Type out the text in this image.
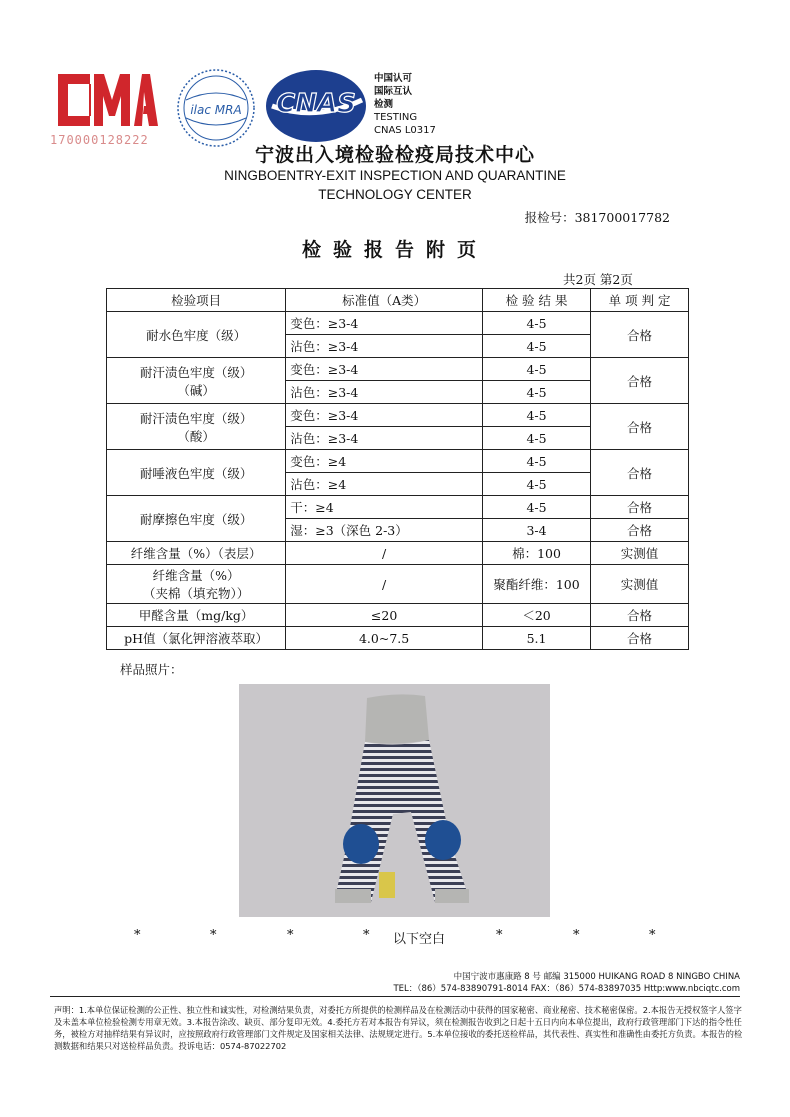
170000128222
ilac MRA CNAS
中国认可
国际互认
检测
TESTING
CNAS L0317
宁波出入境检验检疫局技术中心
NINGBOENTRY-EXIT INSPECTION AND QUARANTINE
TECHNOLOGY CENTER
报检号：381700017782
检验报告附页
共2页 第2页
检验项目	标准值（A类）	检 验 结 果	单 项 判 定
耐水色牢度（级）	变色：≥3-4	4-5	合格
	沾色：≥3-4	4-5	

耐汗渍色牢度（级）
（碱）	变色：≥3-4	4-5	合格
	沾色：≥3-4	4-5	

耐汗渍色牢度（级）
（酸）	变色：≥3-4	4-5	合格
	沾色：≥3-4	4-5	
耐唾液色牢度（级）	变色：≥4	4-5	合格
	沾色：≥4	4-5	
耐摩擦色牢度（级）	干：≥4	4-5	合格
	湿：≥3（深色 2-3）	3-4	合格
纤维含量（%）（表层）	/	棉：100	实测值

纤维含量（%）
（夹棉（填充物））	/	聚酯纤维：100	实测值
甲醛含量（mg/kg）	≤20	＜20	合格
pH值（氯化钾溶液萃取）	4.0~7.5	5.1	合格
样品照片：
*	*	*	* 以下空白	*	*	*
中国宁波市惠康路 8 号 邮编 315000 HUIKANG ROAD 8 NINGBO CHINA
TEL：（86）574-83890791-8014 FAX：（86）574-83897035 Http:www.nbciqtc.com
声明：1.本单位保证检测的公正性、独立性和诚实性，对检测结果负责，对委托方所提供的检测样品及在检测活动中获得的国家秘密、商业秘密、技术秘密保密。2.本报告无授权签字人签字及未盖本单位检验检测专用章无效。3.本报告涂改、缺页、部分复印无效。4.委托方若对本报告有异议，须在检测报告收到之日起十五日内向本单位提出，政府行政管理部门下达的指令性任务，被检方对抽样结果有异议时，应按照政府行政管理部门文件规定及国家相关法律、法规规定进行。5.本单位接收的委托送检样品，其代表性、真实性和准确性由委托方负责。本报告的检测数据和结果只对送检样品负责。投诉电话：0574-87022702
